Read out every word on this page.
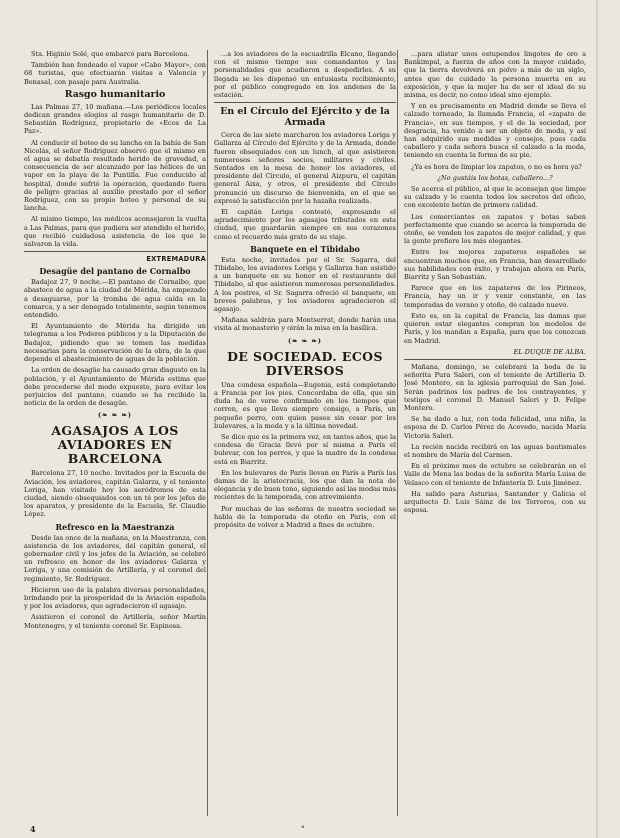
Sta. Higinio Solé, que embarcó para Barcelona.

También han fondeado el vapor «Cabo Mayor», con 68 turistas, que efectuarán visitas a Valencia y Benasal, con pasaje para Australia.

Rasgo humanitario

Las Palmas 27, 10 mañana.—Los periódicos locales dedican grandes elogios al rasgo humanitario de D. Sebastián Rodríguez, propietario de «Ecos de La Paz».

Al conducir el boteo de su lancha en la bahía de San Nicolás, el señor Rodríguez observó que el mismo en el agua se debatía resultado herido de gravedad, a consecuencia de ser alcanzado por las hélices de un vapor en la playa de la Puntilla. Fue conducido al hospital, donde sufrió la operación, quedando fuera de peligro gracias al auxilio prestado por el señor Rodríguez, con su propio boteo y personal de su lancha.

Al mismo tiempo, los médicos aconsejaron la vuelta a Las Palmas, para que pudiera ser atendido el herido, que recibió cuidadosa asistencia de los que le salvaron la vida.

EXTREMADURA
Desagüe del pantano de Cornalbo

Badajoz 27, 9 noche.—El pantano de Cornalbo, que abastece de agua a la ciudad de Mérida, ha empezado a desaguarse, por la tromba de agua caída en la comarca, y a ser denegado totalmente, según tenemos entendido.

El Ayuntamiento de Mérida ha dirigido un telegrama a los Poderes públicos y a la Diputación de Badajoz, pidiendo que se tomen las medidas necesarias para la conservación de la obra, de la que depende el abastecimiento de aguas de la población.

La orden de desagüe ha causado gran disgusto en la población, y el Ayuntamiento de Mérida estima que debe procederse del modo expuesto, para evitar los perjuicios del pantano, cuando se ha recibido la noticia de la orden de desagüe.

(❧ ❧ ❧)
AGASAJOS A LOS AVIADORES EN BARCELONA

Barcelona 27, 10 noche. Invitados por la Escuela de Aviación, los aviadores, capitán Galarza, y el teniente Loriga, han visitado hoy los aeródromos de esta ciudad, siendo obsequiados con un té por los jefes de los aparatos, y presidente de la Escuela, Sr. Claudio López.

Refresco en la Maestranza

Desde las once de la mañana, en la Maestranza, con asistencia de los aviadores, del capitán general, el gobernador civil y los jefes de la Aviación, se celebró un refresco en honor de los aviadores Galarza y Loriga, y una comisión de Artillería, y el coronel del regimiento, Sr. Rodríguez.

Hicieron uso de la palabra diversas personalidades, brindando por la prosperidad de la Aviación española y por los aviadores, que agradecieron el agasajo.

Asistieron el coronel de Artillería, señor Martín Montenegro, y el teniente coronel Sr. Espinosa.

...a los aviadores de la escuadrilla Elcano, llegando con el mismo tiempo sus comandantes y las personalidades que acudieron a despedirles. A su llegada se les dispensó un entusiasta recibimiento, por el público congregado en los andenes de la estación.

En el Círculo del Ejército y de la Armada

Cerca de las siete marcharon los aviadores Loriga y Gallarza al Círculo del Ejército y de la Armada, donde fueron obsequiados con un lunch, al que asistieron numerosos señores socios, militares y civiles. Sentados en la mesa de honor los aviadores, el presidente del Círculo, el general Aizpuru, el capitán general Aixa, y otros, el presidente del Círculo pronunció un discurso de bienvenida, en el que se expresó la satisfacción por la hazaña realizada.

El capitán Loriga contestó, expresando el agradecimiento por los agasajos tributados en esta ciudad, que guardarán siempre en sus corazones como el recuerdo más grato de su viaje.

Banquete en el Tibidabo

Esta noche, invitados por el Sr. Sagarra, del Tibidabo, los aviadores Loriga y Gallarza han asistido a un banquete en su honor en el restaurante del Tibidabo, al que asistieron numerosas personalidades. A los postres, el Sr. Sagarra ofreció el banquete, en breves palabras, y los aviadores agradecieron el agasajo.

Mañana saldrán para Montserrat, donde harán una visita al monasterio y oirán la misa en la basílica.

(❧ ❧ ❧)
DE SOCIEDAD. ECOS DIVERSOS

Una condesa española—Eugenia, está completando a Francia por los pies. Concordaba de ella, que sin duda ha de verse confirmado en los tiempos que corren, es que lleva siempre consigo, a París, un pequeño perro, con quien pasea sin cesar por los bulevares, a la moda y a la última novedad.

Se dice que es la primera vez, en tantos años, que la condesa de Gracia llevó por sí misma a París el bulevar, con los perros, y que la madre de la condesa está en Biarritz.

En los bulevares de París llevan en París a París las damas de la aristocracia, los que dan la nota de elegancia y de buen tono, siguiendo así las modas más recientes de la temporada, con atrevimiento.

Por muchas de las señoras de nuestra sociedad se habla de la temporada de otoño en París, con el propósito de volver a Madrid a fines de octubre.

...para alistar unos estupendos lingotes de oro a Bankimpal, a fuerza de años con la mayor cuidado, que la tierra devolverá en polvo a más de un siglo, antes que de cuidado la persona muerta en su exposición, y que la mujer ha de ser el ideal de su misma, es decir, no como ideal sino ejemplo.

Y en es precisamente en Madrid donde se lleva el calzado torneado, la llamada Francia, el «zapato de Francia», en sus tiempos, y el de la sociedad, por desgracia, ha venido a ser un objeto de moda, y así han adquirido sus medidas y consejos, pues cada caballero y cada señora busca el calzado a la moda, teniendo en cuenta la forma de su pie.

¿Ya es hora de limpiar los zapatos, o no es hora ya?

¿No gustáis los botas, caballero...?

Se acerca el público, al que le aconsejan que limpie su calzado y le cuenta todos los secretos del oficio, con excelente betún de primera calidad.

Los comerciantes en zapatos y botas saben perfectamente que cuando se acerca la temporada de otoño, se venden los zapatos de mejor calidad, y que la gente prefiere los más elegantes.

Entre los mejores zapateros españoles se encuentran muchos que, en Francia, han desarrollado sus habilidades con éxito, y trabajan ahora en París, Biarritz y San Sebastián.

Parece que en los zapateros de los Pirineos, Francia, hay un ir y venir constante, en las temporadas de verano y otoño, de calzado nuevo.

Esto es, en la capital de Francia, las damas que quieren estar elegantes compran los modelos de París, y los mandan a España, para que los conozcan en Madrid.

EL DUQUE DE ALBA.

Mañana, domingo, se celebrará la boda de la señorita Pura Saleri, con el teniente de Artillería D. José Montero, en la iglesia parroquial de San José. Serán padrinos los padres de los contrayentes, y testigos el coronel D. Manuel Saleri y D. Felipe Montero.

Se ha dado a luz, con toda felicidad, una niña, la esposa de D. Carlos Pérez de Acevedo, nacida María Victoria Saleri.

La recién nacida recibirá en las aguas bautismales el nombre de María del Carmen.

En el próximo mes de octubre se celebrarán en el Valle de Mena las bodas de la señorita María Luisa de Velasco con el teniente de Infantería D. Luis Jiménez.

Ha salido para Asturias, Santander y Galicia el arquitecto D. Luis Sáinz de los Terreros, con su esposa.

4	°
